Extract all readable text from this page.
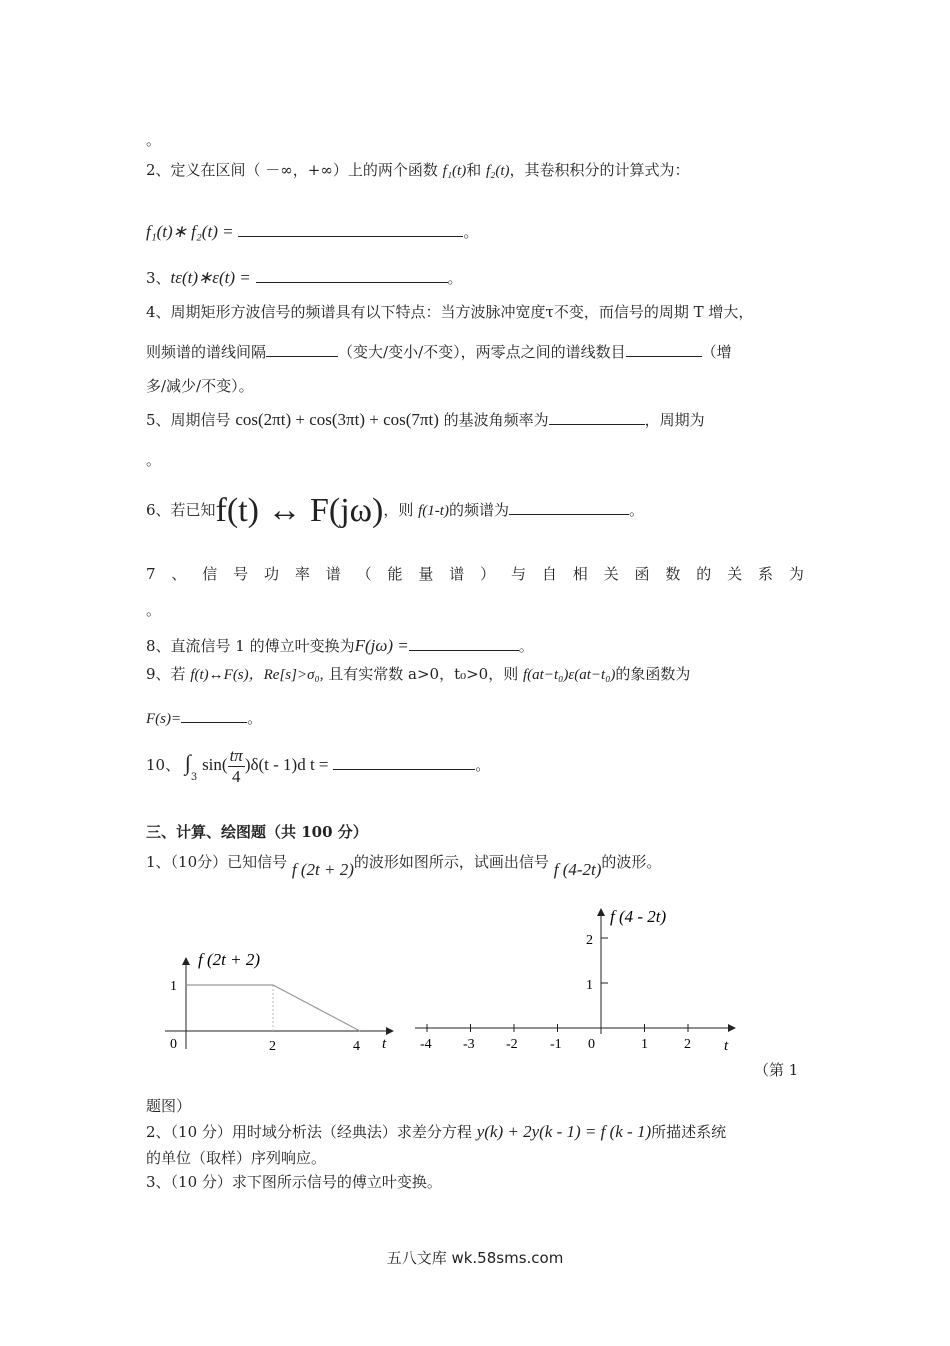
。
2、定义在区间（ －∞，+∞）上的两个函数 f₁(t)和 f₂(t)，其卷积积分的计算式为：
f₁(t)∗ f₂(t) =	。
3、tε(t)∗ε(t) =	。
4、周期矩形方波信号的频谱具有以下特点：当方波脉冲宽度τ不变，而信号的周期 T 增大，
则频谱的谱线间隔	（变大/变小/不变），两零点之间的谱线数目	（增
多/减少/不变）。
5、周期信号 cos(2πt) + cos(3πt) + cos(7πt) 的基波角频率为	，周期为
。
6、若已知f(t) ↔ F(jω)，则 f(1-t)的频谱为	。
7 、 信 号 功 率 谱 （ 能 量 谱 ） 与 自 相 关 函 数 的 关 系 为
。
8、直流信号 1 的傅立叶变换为F(jω) =	。
9、若 f(t)↔F(s)，Re[s]>σ₀, 且有实常数 a>0，t₀>0，则 f(at−t₀)ε(at−t₀)的象函数为
F(s)=	。
10、 $\int_3$ $\sin( \frac{t\pi}{4} )\delta(t - 1)d$ t =	。
三、计算、绘图题（共 100 分）
1、（10分）已知信号 f (2t + 2)的波形如图所示，试画出信号 f (4-2t)的波形。
f (2t + 2)
1
0	2	4 t
f (4 - 2t)
2
1
-4 -3 -2 -1 0	1	2 t
（第 1
题图）
2、（10 分）用时域分析法（经典法）求差分方程 y(k) + 2y(k - 1) = f (k - 1)所描述系统
的单位（取样）序列响应。
3、（10 分）求下图所示信号的傅立叶变换。
五八文库 wk.58sms.com
